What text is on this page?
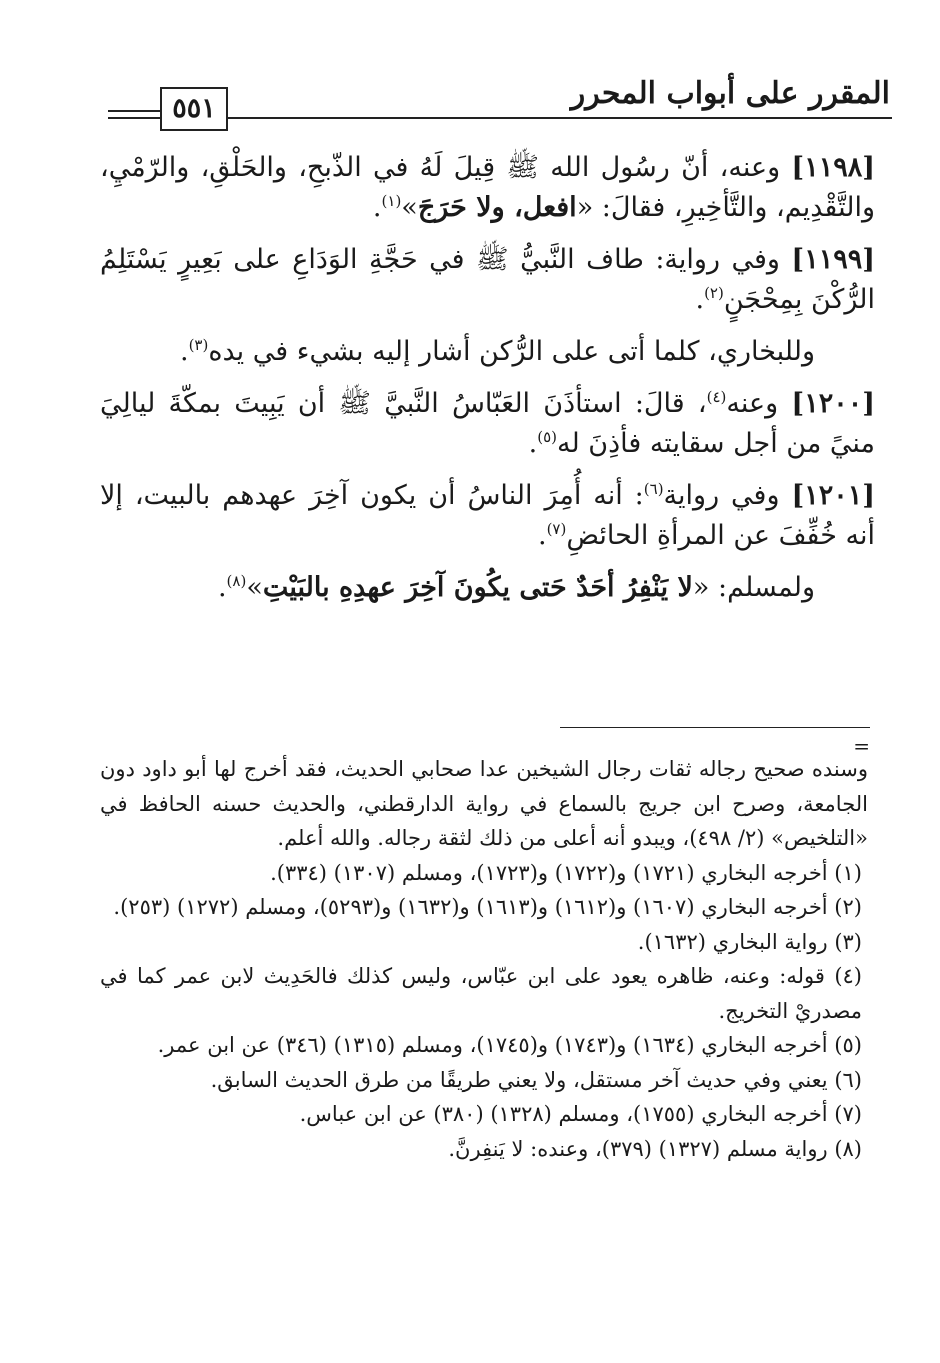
٥٥١	المقرر على أبواب المحرر

[١١٩٨] وعنه، أنّ رسُول الله ﷺ قِيلَ لَهُ في الذّبحِ، والحَلْقِ، والرّمْيِ، والتَّقْدِيم، والتَّأخِيرِ، فقالَ: «افعل، ولا حَرَجَ»$^{(١)}$.

[١١٩٩] وفي رواية: طاف النَّبيُّ ﷺ في حَجَّةِ الوَدَاعِ على بَعِيرٍ يَسْتَلِمُ الرُّكْنَ بِمِحْجَنٍ$^{(٢)}$.

وللبخاري، كلما أتى على الرُّكن أشار إليه بشيء في يده$^{(٣)}$.

[١٢٠٠] وعنه$^{(٤)}$، قالَ: استأذَنَ العَبّاسُ النَّبيَّ ﷺ أن يَبِيتَ بمكّةَ ليالِيَ منيً من أجل سقايته فأذِنَ له$^{(٥)}$.

[١٢٠١] وفي رواية$^{(٦)}$: أنه أُمِرَ الناسُ أن يكون آخِرَ عهدهم بالبيت، إلا أنه خُفِّفَ عن المرأةِ الحائضِ$^{(٧)}$.

ولمسلم: «لا يَنْفِرُ أحَدٌ حَتى يكُونَ آخِرَ عهدِهِ بالبَيْتِ»$^{(٨)}$.

=

وسنده صحيح رجاله ثقات رجال الشيخين عدا صحابي الحديث، فقد أخرج لها أبو داود دون الجامعة، وصرح ابن جريج بالسماع في رواية الدارقطني، والحديث حسنه الحافظ في «التلخيص» (٢/ ٤٩٨)، ويبدو أنه أعلى من ذلك لثقة رجاله. والله أعلم.

(١) أخرجه البخاري (١٧٢١) و(١٧٢٢) و(١٧٢٣)، ومسلم (١٣٠٧) (٣٣٤).

(٢) أخرجه البخاري (١٦٠٧) و(١٦١٢) و(١٦١٣) و(١٦٣٢) و(٥٢٩٣)، ومسلم (١٢٧٢) (٢٥٣).

(٣) رواية البخاري (١٦٣٢).

(٤) قوله: وعنه، ظاهره يعود على ابن عبّاس، وليس كذلك فالحَدِيث لابن عمر كما في مصدريْ التخريج.

(٥) أخرجه البخاري (١٦٣٤) و(١٧٤٣) و(١٧٤٥)، ومسلم (١٣١٥) (٣٤٦) عن ابن عمر.

(٦) يعني وفي حديث آخر مستقل، ولا يعني طريقًا من طرق الحديث السابق.

(٧) أخرجه البخاري (١٧٥٥)، ومسلم (١٣٢٨) (٣٨٠) عن ابن عباس.

(٨) رواية مسلم (١٣٢٧) (٣٧٩)، وعنده: لا يَنفِرنَّ.
